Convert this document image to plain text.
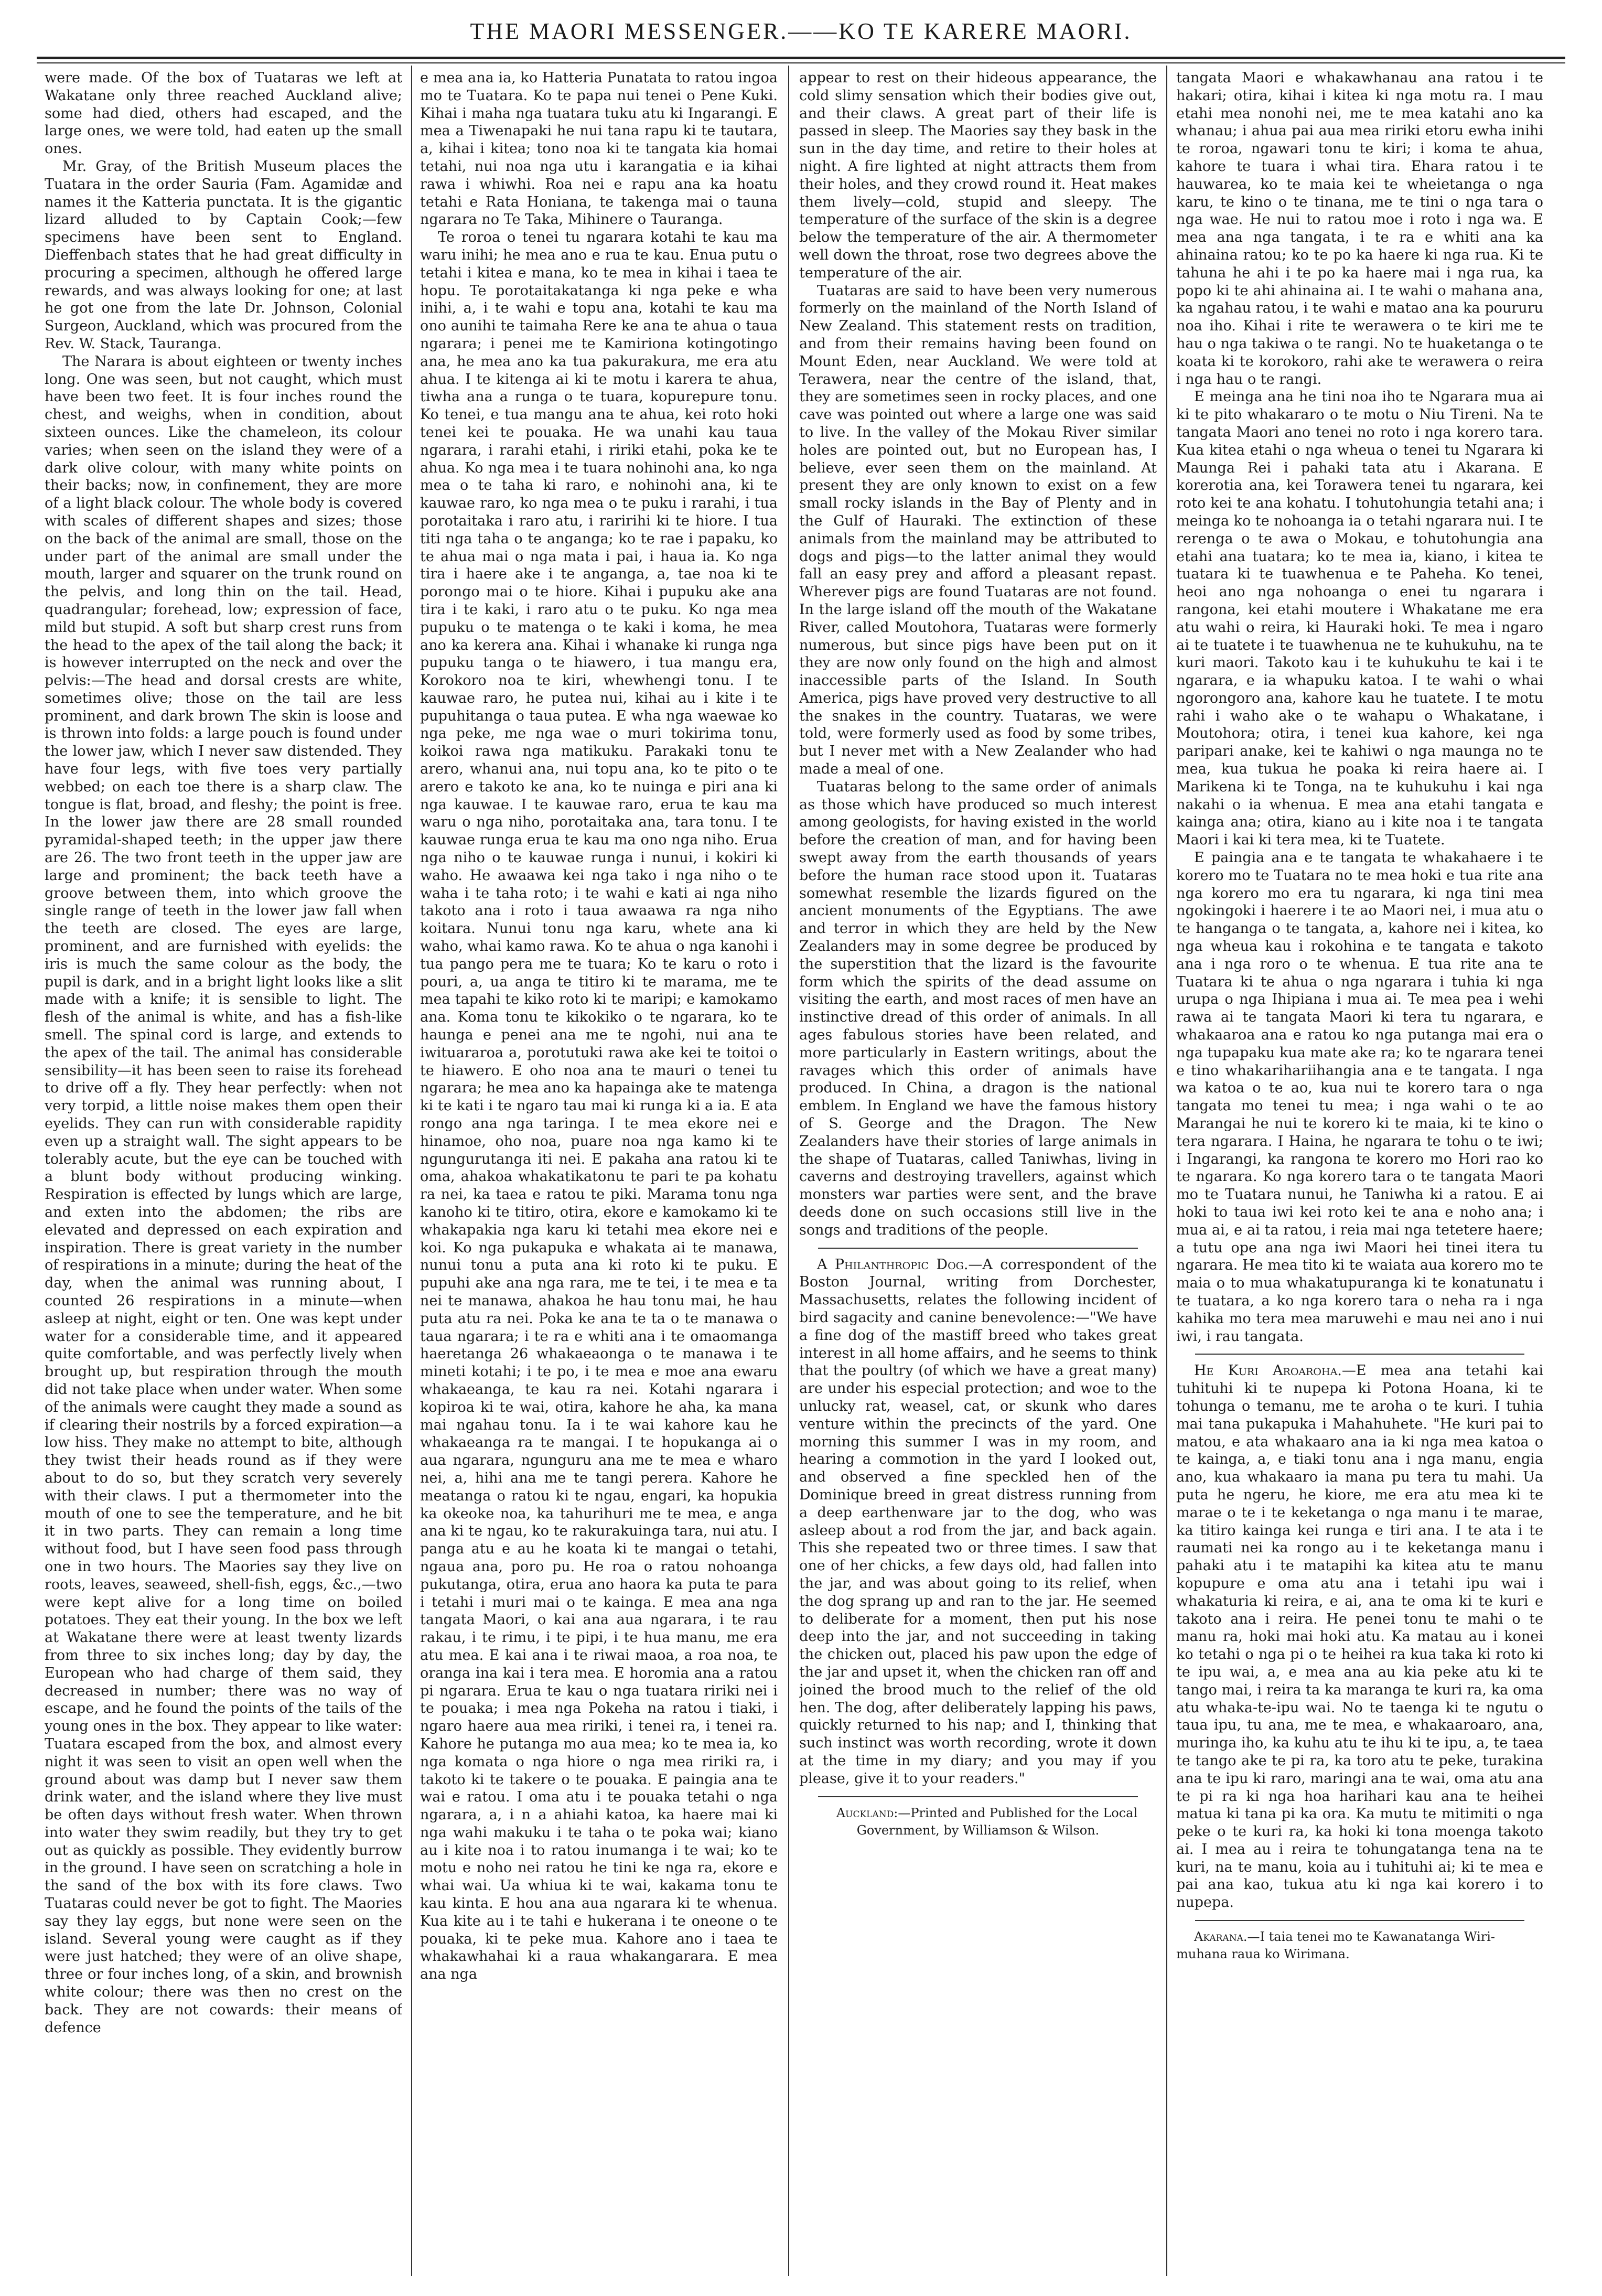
THE MAORI MESSENGER.——KO TE KARERE MAORI.

were made. Of the box of Tuataras we left at Wakatane only three reached Auckland alive; some had died, others had escaped, and the large ones, we were told, had eaten up the small ones.

Mr. Gray, of the British Museum places the Tuatara in the order Sauria (Fam. Agamidæ and names it the Katteria punctata. It is the gigantic lizard alluded to by Captain Cook;—few specimens have been sent to England. Dieffenbach states that he had great difficulty in procuring a specimen, although he offered large rewards, and was always looking for one; at last he got one from the late Dr. Johnson, Colonial Surgeon, Auckland, which was procured from the Rev. W. Stack, Tauranga.

The Narara is about eighteen or twenty inches long. One was seen, but not caught, which must have been two feet. It is four inches round the chest, and weighs, when in condition, about sixteen ounces. Like the chameleon, its colour varies; when seen on the island they were of a dark olive colour, with many white points on their backs; now, in confinement, they are more of a light black colour. The whole body is covered with scales of different shapes and sizes; those on the back of the animal are small, those on the under part of the animal are small under the mouth, larger and squarer on the trunk round on the pelvis, and long thin on the tail. Head, quadrangular; forehead, low; expression of face, mild but stupid. A soft but sharp crest runs from the head to the apex of the tail along the back; it is however interrupted on the neck and over the pelvis:—The head and dorsal crests are white, sometimes olive; those on the tail are less prominent, and dark brown The skin is loose and is thrown into folds: a large pouch is found under the lower jaw, which I never saw distended. They have four legs, with five toes very partially webbed; on each toe there is a sharp claw. The tongue is flat, broad, and fleshy; the point is free. In the lower jaw there are 28 small rounded pyramidal-shaped teeth; in the upper jaw there are 26. The two front teeth in the upper jaw are large and prominent; the back teeth have a groove between them, into which groove the single range of teeth in the lower jaw fall when the teeth are closed. The eyes are large, prominent, and are furnished with eyelids: the iris is much the same colour as the body, the pupil is dark, and in a bright light looks like a slit made with a knife; it is sensible to light. The flesh of the animal is white, and has a fish-like smell. The spinal cord is large, and extends to the apex of the tail. The animal has considerable sensibility—it has been seen to raise its forehead to drive off a fly. They hear perfectly: when not very torpid, a little noise makes them open their eyelids. They can run with considerable rapidity even up a straight wall. The sight appears to be tolerably acute, but the eye can be touched with a blunt body without producing winking. Respiration is effected by lungs which are large, and exten into the abdomen; the ribs are elevated and depressed on each expiration and inspiration. There is great variety in the number of respirations in a minute; during the heat of the day, when the animal was running about, I counted 26 respirations in a minute—when asleep at night, eight or ten. One was kept under water for a considerable time, and it appeared quite comfortable, and was perfectly lively when brought up, but respiration through the mouth did not take place when under water. When some of the animals were caught they made a sound as if clearing their nostrils by a forced expiration—a low hiss. They make no attempt to bite, although they twist their heads round as if they were about to do so, but they scratch very severely with their claws. I put a thermometer into the mouth of one to see the temperature, and he bit it in two parts. They can remain a long time without food, but I have seen food pass through one in two hours. The Maories say they live on roots, leaves, seaweed, shell-fish, eggs, &c.,—two were kept alive for a long time on boiled potatoes. They eat their young. In the box we left at Wakatane there were at least twenty lizards from three to six inches long; day by day, the European who had charge of them said, they decreased in number; there was no way of escape, and he found the points of the tails of the young ones in the box. They appear to like water: Tuatara escaped from the box, and almost every night it was seen to visit an open well when the ground about was damp but I never saw them drink water, and the island where they live must be often days without fresh water. When thrown into water they swim readily, but they try to get out as quickly as possible. They evidently burrow in the ground. I have seen on scratching a hole in the sand of the box with its fore claws. Two Tuataras could never be got to fight. The Maories say they lay eggs, but none were seen on the island. Several young were caught as if they were just hatched; they were of an olive shape, three or four inches long, of a skin, and brownish white colour; there was then no crest on the back. They are not cowards: their means of defence

e mea ana ia, ko Hatteria Punatata to ratou ingoa mo te Tuatara. Ko te papa nui tenei o Pene Kuki. Kihai i maha nga tuatara tuku atu ki Ingarangi. E mea a Tiwenapaki he nui tana rapu ki te tautara, a, kihai i kitea; tono noa ki te tangata kia homai tetahi, nui noa nga utu i karangatia e ia kihai rawa i whiwhi. Roa nei e rapu ana ka hoatu tetahi e Rata Honiana, te takenga mai o tauna ngarara no Te Taka, Mihinere o Tauranga.

Te roroa o tenei tu ngarara kotahi te kau ma waru inihi; he mea ano e rua te kau. Enua putu o tetahi i kitea e mana, ko te mea in kihai i taea te hopu. Te porotaitakatanga ki nga peke e wha inihi, a, i te wahi e topu ana, kotahi te kau ma ono aunihi te taimaha Rere ke ana te ahua o taua ngarara; i penei me te Kamiriona kotingotingo ana, he mea ano ka tua pakurakura, me era atu ahua. I te kitenga ai ki te motu i karera te ahua, tiwha ana a runga o te tuara, kopurepure tonu. Ko tenei, e tua mangu ana te ahua, kei roto hoki tenei kei te pouaka. He wa unahi kau taua ngarara, i rarahi etahi, i ririki etahi, poka ke te ahua. Ko nga mea i te tuara nohinohi ana, ko nga mea o te taha ki raro, e nohinohi ana, ki te kauwae raro, ko nga mea o te puku i rarahi, i tua porotaitaka i raro atu, i raririhi ki te hiore. I tua titi nga taha o te anganga; ko te rae i papaku, ko te ahua mai o nga mata i pai, i haua ia. Ko nga tira i haere ake i te anganga, a, tae noa ki te porongo mai o te hiore. Kihai i pupuku ake ana tira i te kaki, i raro atu o te puku. Ko nga mea pupuku o te matenga o te kaki i koma, he mea ano ka kerera ana. Kihai i whanake ki runga nga pupuku tanga o te hiawero, i tua mangu era, Korokoro noa te kiri, whewhengi tonu. I te kauwae raro, he putea nui, kihai au i kite i te pupuhitanga o taua putea. E wha nga waewae ko nga peke, me nga wae o muri tokirima tonu, koikoi rawa nga matikuku. Parakaki tonu te arero, whanui ana, nui topu ana, ko te pito o te arero e takoto ke ana, ko te nuinga e piri ana ki nga kauwae. I te kauwae raro, erua te kau ma waru o nga niho, porotaitaka ana, tara tonu. I te kauwae runga erua te kau ma ono nga niho. Erua nga niho o te kauwae runga i nunui, i kokiri ki waho. He awaawa kei nga tako i nga niho o te waha i te taha roto; i te wahi e kati ai nga niho takoto ana i roto i taua awaawa ra nga niho koitara. Nunui tonu nga karu, whete ana ki waho, whai kamo rawa. Ko te ahua o nga kanohi i tua pango pera me te tuara; Ko te karu o roto i pouri, a, ua anga te titiro ki te marama, me te mea tapahi te kiko roto ki te maripi; e kamokamo ana. Koma tonu te kikokiko o te ngarara, ko te haunga e penei ana me te ngohi, nui ana te iwituararoa a, porotutuki rawa ake kei te toitoi o te hiawero. E oho noa ana te mauri o tenei tu ngarara; he mea ano ka hapainga ake te matenga ki te kati i te ngaro tau mai ki runga ki a ia. E ata rongo ana nga taringa. I te mea ekore nei e hinamoe, oho noa, puare noa nga kamo ki te ngungurutanga iti nei. E pakaha ana ratou ki te oma, ahakoa whakatikatonu te pari te pa kohatu ra nei, ka taea e ratou te piki. Marama tonu nga kanoho ki te titiro, otira, ekore e kamokamo ki te whakapakia nga karu ki tetahi mea ekore nei e koi. Ko nga pukapuka e whakata ai te manawa, nunui tonu a puta ana ki roto ki te puku. E pupuhi ake ana nga rara, me te tei, i te mea e ta nei te manawa, ahakoa he hau tonu mai, he hau puta atu ra nei. Poka ke ana te ta o te manawa o taua ngarara; i te ra e whiti ana i te omaomanga haeretanga 26 whakaeaonga o te manawa i te mineti kotahi; i te po, i te mea e moe ana ewaru whakaeanga, te kau ra nei. Kotahi ngarara i kopiroa ki te wai, otira, kahore he aha, ka mana mai ngahau tonu. Ia i te wai kahore kau he whakaeanga ra te mangai. I te hopukanga ai o aua ngarara, ngunguru ana me te mea e wharo nei, a, hihi ana me te tangi perera. Kahore he meatanga o ratou ki te ngau, engari, ka hopukia ka okeoke noa, ka tahurihuri me te mea, e anga ana ki te ngau, ko te rakurakuinga tara, nui atu. I panga atu e au he koata ki te mangai o tetahi, ngaua ana, poro pu. He roa o ratou nohoanga pukutanga, otira, erua ano haora ka puta te para i tetahi i muri mai o te kainga. E mea ana nga tangata Maori, o kai ana aua ngarara, i te rau rakau, i te rimu, i te pipi, i te hua manu, me era atu mea. E kai ana i te riwai maoa, a roa noa, te oranga ina kai i tera mea. E horomia ana a ratou pi ngarara. Erua te kau o nga tuatara ririki nei i te pouaka; i mea nga Pokeha na ratou i tiaki, i ngaro haere aua mea ririki, i tenei ra, i tenei ra. Kahore he putanga mo aua mea; ko te mea ia, ko nga komata o nga hiore o nga mea ririki ra, i takoto ki te takere o te pouaka. E paingia ana te wai e ratou. I oma atu i te pouaka tetahi o nga ngarara, a, i n a ahiahi katoa, ka haere mai ki nga wahi makuku i te taha o te poka wai; kiano au i kite noa i to ratou inumanga i te wai; ko te motu e noho nei ratou he tini ke nga ra, ekore e whai wai. Ua whiua ki te wai, kakama tonu te kau kinta. E hou ana aua ngarara ki te whenua. Kua kite au i te tahi e hukerana i te oneone o te pouaka, ki te peke mua. Kahore ano i taea te whakawhahai ki a raua whakangarara. E mea ana nga

appear to rest on their hideous appearance, the cold slimy sensation which their bodies give out, and their claws. A great part of their life is passed in sleep. The Maories say they bask in the sun in the day time, and retire to their holes at night. A fire lighted at night attracts them from their holes, and they crowd round it. Heat makes them lively—cold, stupid and sleepy. The temperature of the surface of the skin is a degree below the temperature of the air. A thermometer well down the throat, rose two degrees above the temperature of the air.

Tuataras are said to have been very numerous formerly on the mainland of the North Island of New Zealand. This statement rests on tradition, and from their remains having been found on Mount Eden, near Auckland. We were told at Terawera, near the centre of the island, that, they are sometimes seen in rocky places, and one cave was pointed out where a large one was said to live. In the valley of the Mokau River similar holes are pointed out, but no European has, I believe, ever seen them on the mainland. At present they are only known to exist on a few small rocky islands in the Bay of Plenty and in the Gulf of Hauraki. The extinction of these animals from the mainland may be attributed to dogs and pigs—to the latter animal they would fall an easy prey and afford a pleasant repast. Wherever pigs are found Tuataras are not found. In the large island off the mouth of the Wakatane River, called Moutohora, Tuataras were formerly numerous, but since pigs have been put on it they are now only found on the high and almost inaccessible parts of the Island. In South America, pigs have proved very destructive to all the snakes in the country. Tuataras, we were told, were formerly used as food by some tribes, but I never met with a New Zealander who had made a meal of one.

Tuataras belong to the same order of animals as those which have produced so much interest among geologists, for having existed in the world before the creation of man, and for having been swept away from the earth thousands of years before the human race stood upon it. Tuataras somewhat resemble the lizards figured on the ancient monuments of the Egyptians. The awe and terror in which they are held by the New Zealanders may in some degree be produced by the superstition that the lizard is the favourite form which the spirits of the dead assume on visiting the earth, and most races of men have an instinctive dread of this order of animals. In all ages fabulous stories have been related, and more particularly in Eastern writings, about the ravages which this order of animals have produced. In China, a dragon is the national emblem. In England we have the famous history of S. George and the Dragon. The New Zealanders have their stories of large animals in the shape of Tuataras, called Taniwhas, living in caverns and destroying travellers, against which monsters war parties were sent, and the brave deeds done on such occasions still live in the songs and traditions of the people.

A Philanthropic Dog.—A correspondent of the Boston Journal, writing from Dorchester, Massachusetts, relates the following incident of bird sagacity and canine benevolence:—"We have a fine dog of the mastiff breed who takes great interest in all home affairs, and he seems to think that the poultry (of which we have a great many) are under his especial protection; and woe to the unlucky rat, weasel, cat, or skunk who dares venture within the precincts of the yard. One morning this summer I was in my room, and hearing a commotion in the yard I looked out, and observed a fine speckled hen of the Dominique breed in great distress running from a deep earthenware jar to the dog, who was asleep about a rod from the jar, and back again. This she repeated two or three times. I saw that one of her chicks, a few days old, had fallen into the jar, and was about going to its relief, when the dog sprang up and ran to the jar. He seemed to deliberate for a moment, then put his nose deep into the jar, and not succeeding in taking the chicken out, placed his paw upon the edge of the jar and upset it, when the chicken ran off and joined the brood much to the relief of the old hen. The dog, after deliberately lapping his paws, quickly returned to his nap; and I, thinking that such instinct was worth recording, wrote it down at the time in my diary; and you may if you please, give it to your readers."

Auckland:—Printed and Published for the Local Government, by Williamson & Wilson.

tangata Maori e whakawhanau ana ratou i te hakari; otira, kihai i kitea ki nga motu ra. I mau etahi mea nonohi nei, me te mea katahi ano ka whanau; i ahua pai aua mea ririki etoru ewha inihi te roroa, ngawari tonu te kiri; i koma te ahua, kahore te tuara i whai tira. Ehara ratou i te hauwarea, ko te maia kei te wheietanga o nga karu, te kino o te tinana, me te tini o nga tara o nga wae. He nui to ratou moe i roto i nga wa. E mea ana nga tangata, i te ra e whiti ana ka ahinaina ratou; ko te po ka haere ki nga rua. Ki te tahuna he ahi i te po ka haere mai i nga rua, ka popo ki te ahi ahinaina ai. I te wahi o mahana ana, ka ngahau ratou, i te wahi e matao ana ka poururu noa iho. Kihai i rite te werawera o te kiri me te hau o nga takiwa o te rangi. No te huaketanga o te koata ki te korokoro, rahi ake te werawera o reira i nga hau o te rangi.

E meinga ana he tini noa iho te Ngarara mua ai ki te pito whakararo o te motu o Niu Tireni. Na te tangata Maori ano tenei no roto i nga korero tara. Kua kitea etahi o nga wheua o tenei tu Ngarara ki Maunga Rei i pahaki tata atu i Akarana. E korerotia ana, kei Torawera tenei tu ngarara, kei roto kei te ana kohatu. I tohutohungia tetahi ana; i meinga ko te nohoanga ia o tetahi ngarara nui. I te rerenga o te awa o Mokau, e tohutohungia ana etahi ana tuatara; ko te mea ia, kiano, i kitea te tuatara ki te tuawhenua e te Paheha. Ko tenei, heoi ano nga nohoanga o enei tu ngarara i rangona, kei etahi moutere i Whakatane me era atu wahi o reira, ki Hauraki hoki. Te mea i ngaro ai te tuatete i te tuawhenua ne te kuhukuhu, na te kuri maori. Takoto kau i te kuhukuhu te kai i te ngarara, e ia whapuku katoa. I te wahi o whai ngorongoro ana, kahore kau he tuatete. I te motu rahi i waho ake o te wahapu o Whakatane, i Moutohora; otira, i tenei kua kahore, kei nga paripari anake, kei te kahiwi o nga maunga no te mea, kua tukua he poaka ki reira haere ai. I Marikena ki te Tonga, na te kuhukuhu i kai nga nakahi o ia whenua. E mea ana etahi tangata e kainga ana; otira, kiano au i kite noa i te tangata Maori i kai ki tera mea, ki te Tuatete.

E paingia ana e te tangata te whakahaere i te korero mo te Tuatara no te mea hoki e tua rite ana nga korero mo era tu ngarara, ki nga tini mea ngokingoki i haerere i te ao Maori nei, i mua atu o te hanganga o te tangata, a, kahore nei i kitea, ko nga wheua kau i rokohina e te tangata e takoto ana i nga roro o te whenua. E tua rite ana te Tuatara ki te ahua o nga ngarara i tuhia ki nga urupa o nga Ihipiana i mua ai. Te mea pea i wehi rawa ai te tangata Maori ki tera tu ngarara, e whakaaroa ana e ratou ko nga putanga mai era o nga tupapaku kua mate ake ra; ko te ngarara tenei e tino whakarihariihangia ana e te tangata. I nga wa katoa o te ao, kua nui te korero tara o nga tangata mo tenei tu mea; i nga wahi o te ao Marangai he nui te korero ki te maia, ki te kino o tera ngarara. I Haina, he ngarara te tohu o te iwi; i Ingarangi, ka rangona te korero mo Hori rao ko te ngarara. Ko nga korero tara o te tangata Maori mo te Tuatara nunui, he Taniwha ki a ratou. E ai hoki to taua iwi kei roto kei te ana e noho ana; i mua ai, e ai ta ratou, i reia mai nga tetetere haere; a tutu ope ana nga iwi Maori hei tinei itera tu ngarara. He mea tito ki te waiata aua korero mo te maia o to mua whakatupuranga ki te konatunatu i te tuatara, a ko nga korero tara o neha ra i nga kahika mo tera mea maruwehi e mau nei ano i nui iwi, i rau tangata.

He Kuri Aroaroha.—E mea ana tetahi kai tuhituhi ki te nupepa ki Potona Hoana, ki te tohunga o temanu, me te aroha o te kuri. I tuhia mai tana pukapuka i Mahahuhete. "He kuri pai to matou, e ata whakaaro ana ia ki nga mea katoa o te kainga, a, e tiaki tonu ana i nga manu, engia ano, kua whakaaro ia mana pu tera tu mahi. Ua puta he ngeru, he kiore, me era atu mea ki te marae o te i te keketanga o nga manu i te marae, ka titiro kainga kei runga e tiri ana. I te ata i te raumati nei ka rongo au i te keketanga manu i pahaki atu i te matapihi ka kitea atu te manu kopupure e oma atu ana i tetahi ipu wai i whakaturia ki reira, e ai, ana te oma ki te kuri e takoto ana i reira. He penei tonu te mahi o te manu ra, hoki mai hoki atu. Ka matau au i konei ko tetahi o nga pi o te heihei ra kua taka ki roto ki te ipu wai, a, e mea ana au kia peke atu ki te tango mai, i reira ta ka maranga te kuri ra, ka oma atu whaka-te-ipu wai. No te taenga ki te ngutu o taua ipu, tu ana, me te mea, e whakaaroaro, ana, muringa iho, ka kuhu atu te ihu ki te ipu, a, te taea te tango ake te pi ra, ka toro atu te peke, turakina ana te ipu ki raro, maringi ana te wai, oma atu ana te pi ra ki nga hoa harihari kau ana te heihei matua ki tana pi ka ora. Ka mutu te mitimiti o nga peke o te kuri ra, ka hoki ki tona moenga takoto ai. I mea au i reira te tohungatanga tena na te kuri, na te manu, koia au i tuhituhi ai; ki te mea e pai ana kao, tukua atu ki nga kai korero i to nupepa.

Akarana.—I taia tenei mo te Kawanatanga Wiri-muhana raua ko Wirimana.
